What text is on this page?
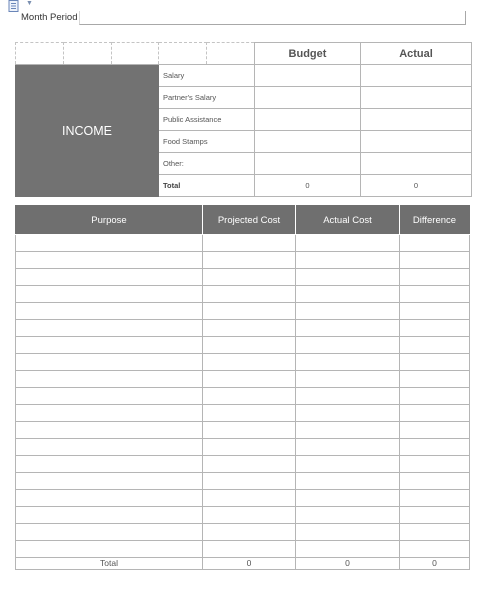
▼
Month Period
					Budget	Actual
INCOME			Salary			
			Partner's Salary			
			Public Assistance			
			Food Stamps			
			Other:			
			Total		0	0
Purpose	Projected Cost	Actual Cost	Difference

Total	0	0	0
